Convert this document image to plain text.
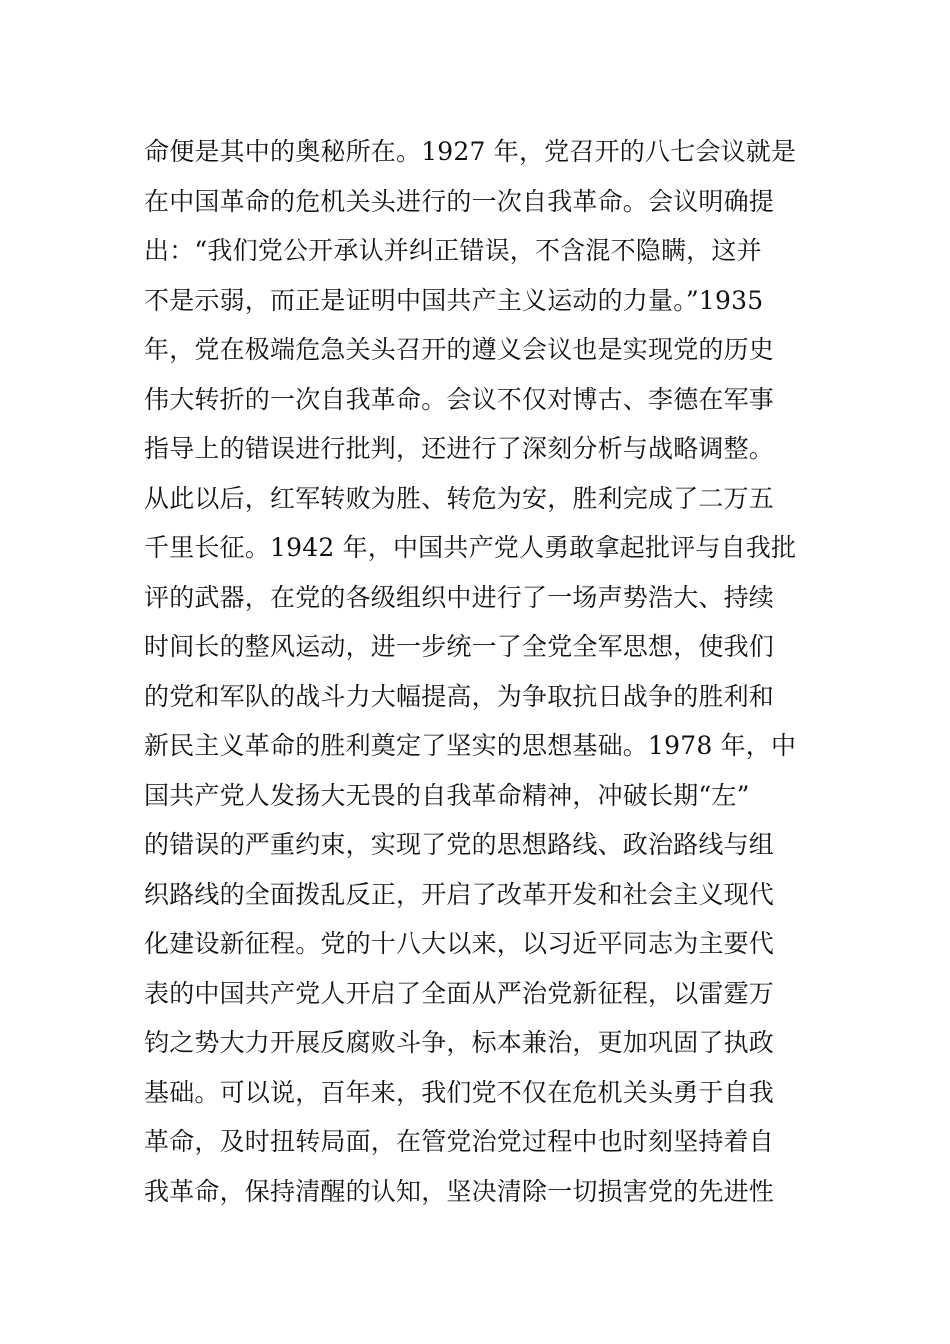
命便是其中的奥秘所在。1927 年，党召开的八七会议就是
在中国革命的危机关头进行的一次自我革命。会议明确提
出：“我们党公开承认并纠正错误，不含混不隐瞒，这并
不是示弱，而正是证明中国共产主义运动的力量。”1935
年，党在极端危急关头召开的遵义会议也是实现党的历史
伟大转折的一次自我革命。会议不仅对博古、李德在军事
指导上的错误进行批判，还进行了深刻分析与战略调整。
从此以后，红军转败为胜、转危为安，胜利完成了二万五
千里长征。1942 年，中国共产党人勇敢拿起批评与自我批
评的武器，在党的各级组织中进行了一场声势浩大、持续
时间长的整风运动，进一步统一了全党全军思想，使我们
的党和军队的战斗力大幅提高，为争取抗日战争的胜利和
新民主义革命的胜利奠定了坚实的思想基础。1978 年，中
国共产党人发扬大无畏的自我革命精神，冲破长期“左”
的错误的严重约束，实现了党的思想路线、政治路线与组
织路线的全面拨乱反正，开启了改革开发和社会主义现代
化建设新征程。党的十八大以来，以习近平同志为主要代
表的中国共产党人开启了全面从严治党新征程，以雷霆万
钧之势大力开展反腐败斗争，标本兼治，更加巩固了执政
基础。可以说，百年来，我们党不仅在危机关头勇于自我
革命，及时扭转局面，在管党治党过程中也时刻坚持着自
我革命，保持清醒的认知，坚决清除一切损害党的先进性
